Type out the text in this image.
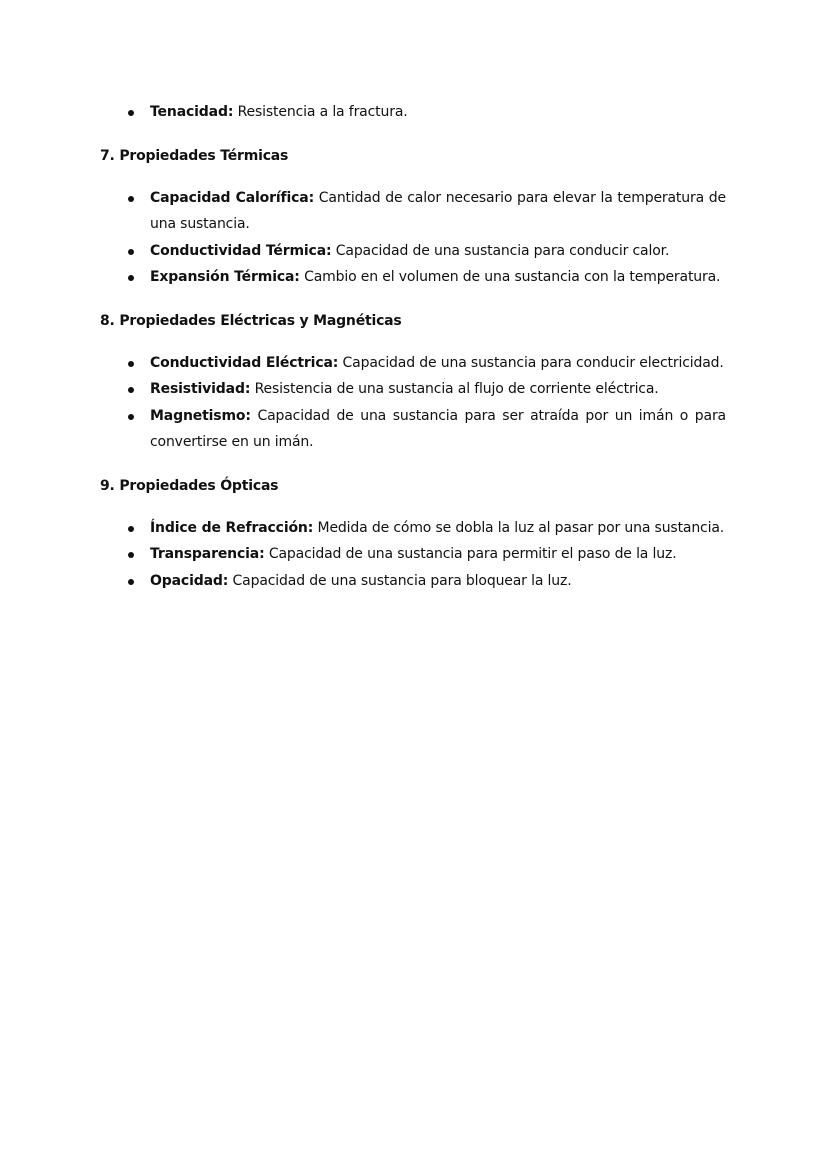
Tenacidad: Resistencia a la fractura.

7. Propiedades Térmicas

Capacidad Calorífica: Cantidad de calor necesario para elevar la temperatura de una sustancia.
Conductividad Térmica: Capacidad de una sustancia para conducir calor.
Expansión Térmica: Cambio en el volumen de una sustancia con la temperatura.

8. Propiedades Eléctricas y Magnéticas

Conductividad Eléctrica: Capacidad de una sustancia para conducir electricidad.
Resistividad: Resistencia de una sustancia al flujo de corriente eléctrica.
Magnetismo: Capacidad de una sustancia para ser atraída por un imán o para convertirse en un imán.

9. Propiedades Ópticas

Índice de Refracción: Medida de cómo se dobla la luz al pasar por una sustancia.
Transparencia: Capacidad de una sustancia para permitir el paso de la luz.
Opacidad: Capacidad de una sustancia para bloquear la luz.
